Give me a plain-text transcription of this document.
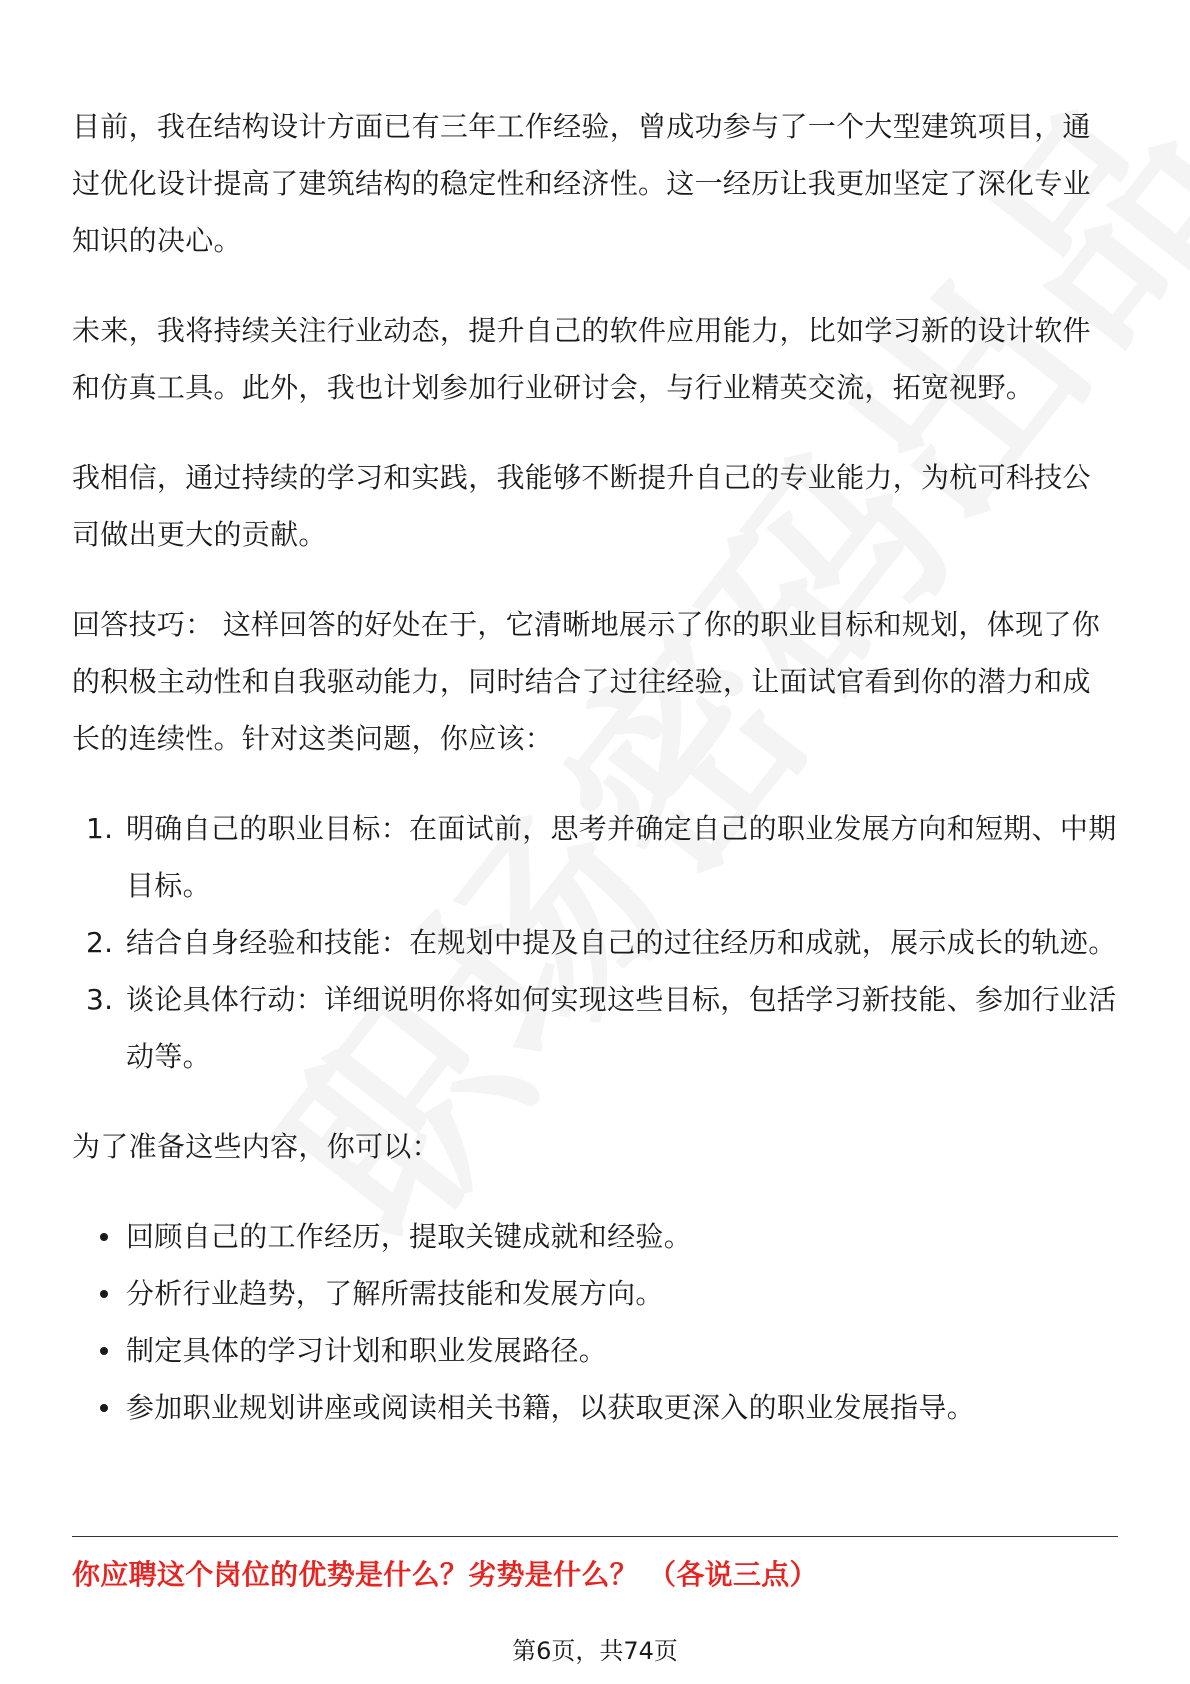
目前，我在结构设计方面已有三年工作经验，曾成功参与了一个大型建筑项目，通过优化设计提高了建筑结构的稳定性和经济性。这一经历让我更加坚定了深化专业知识的决心。

未来，我将持续关注行业动态，提升自己的软件应用能力，比如学习新的设计软件和仿真工具。此外，我也计划参加行业研讨会，与行业精英交流，拓宽视野。

我相信，通过持续的学习和实践，我能够不断提升自己的专业能力，为杭可科技公司做出更大的贡献。

回答技巧： 这样回答的好处在于，它清晰地展示了你的职业目标和规划，体现了你的积极主动性和自我驱动能力，同时结合了过往经验，让面试官看到你的潜力和成长的连续性。针对这类问题，你应该：

1. 明确自己的职业目标：在面试前，思考并确定自己的职业发展方向和短期、中期目标。
2. 结合自身经验和技能：在规划中提及自己的过往经历和成就，展示成长的轨迹。
3. 谈论具体行动：详细说明你将如何实现这些目标，包括学习新技能、参加行业活动等。

为了准备这些内容，你可以：

回顾自己的工作经历，提取关键成就和经验。
分析行业趋势，了解所需技能和发展方向。
制定具体的学习计划和职业发展路径。
参加职业规划讲座或阅读相关书籍，以获取更深入的职业发展指导。
你应聘这个岗位的优势是什么？劣势是什么？ （各说三点）
第6页，共74页
